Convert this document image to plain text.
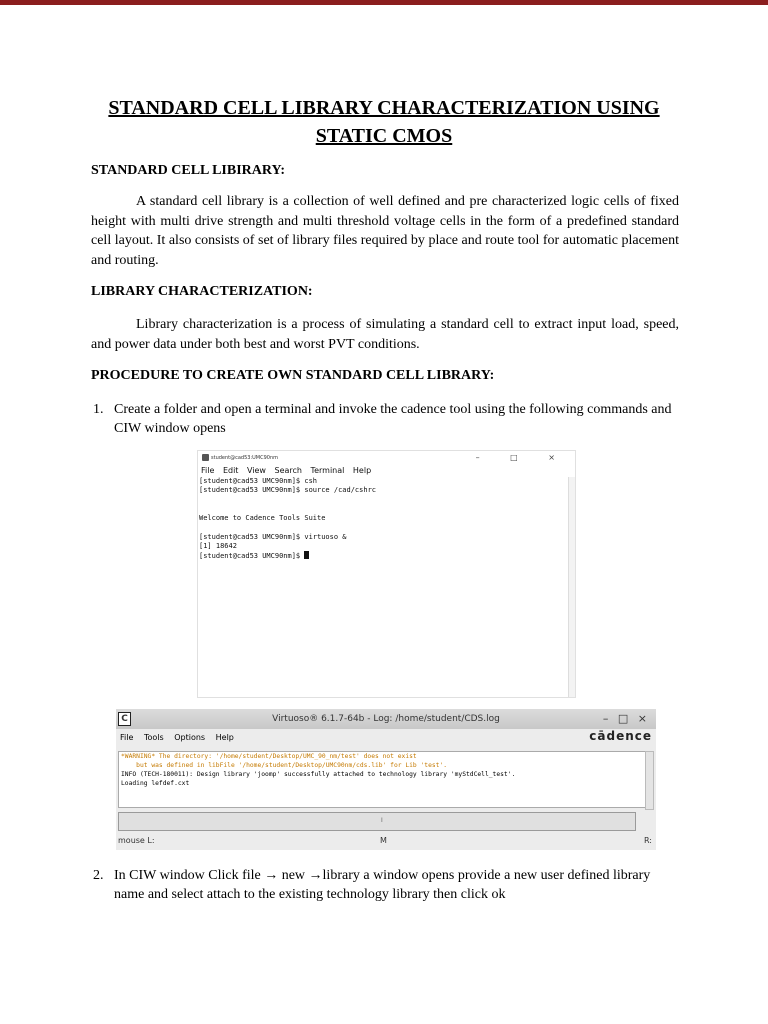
STANDARD CELL LIBRARY CHARACTERIZATION USING
STATIC CMOS
STANDARD CELL LIBIRARY:
A standard cell library is a collection of well defined and pre characterized logic cells of fixed height with multi drive strength and multi threshold voltage cells in the form of a predefined standard cell layout. It also consists of set of library files required by place and route tool for automatic placement and routing.
LIBRARY CHARACTERIZATION:
Library characterization is a process of simulating a standard cell to extract input load, speed, and power data under both best and worst PVT conditions.
PROCEDURE TO CREATE OWN STANDARD CELL LIBRARY:
1. Create a folder and open a terminal and invoke the cadence tool using the following commands and CIW window opens
student@cad53:UMC90nm	– □ ×
File Edit View Search Terminal Help
[student@cad53 UMC90nm]$ csh
[student@cad53 UMC90nm]$ source /cad/cshrc

Welcome to Cadence Tools Suite

[student@cad53 UMC90nm]$ virtuoso &
[1] 18642
[student@cad53 UMC90nm]$
Virtuoso® 6.1.7-64b - Log: /home/student/CDS.log
C	– □ ×
File Tools Options Help	cādence
*WARNING* The directory: '/home/student/Desktop/UMC_90_nm/test' does not exist
but was defined in libFile '/home/student/Desktop/UMC90nm/cds.lib' for Lib 'test'.
INFO (TECH-180011): Design library 'joomp' successfully attached to technology library 'myStdCell_test'.
Loading lefdef.cxt
I
mouse L:	M	R:
2. In CIW window Click file → new →library a window opens provide a new user defined library name and select attach to the existing technology library then click ok
